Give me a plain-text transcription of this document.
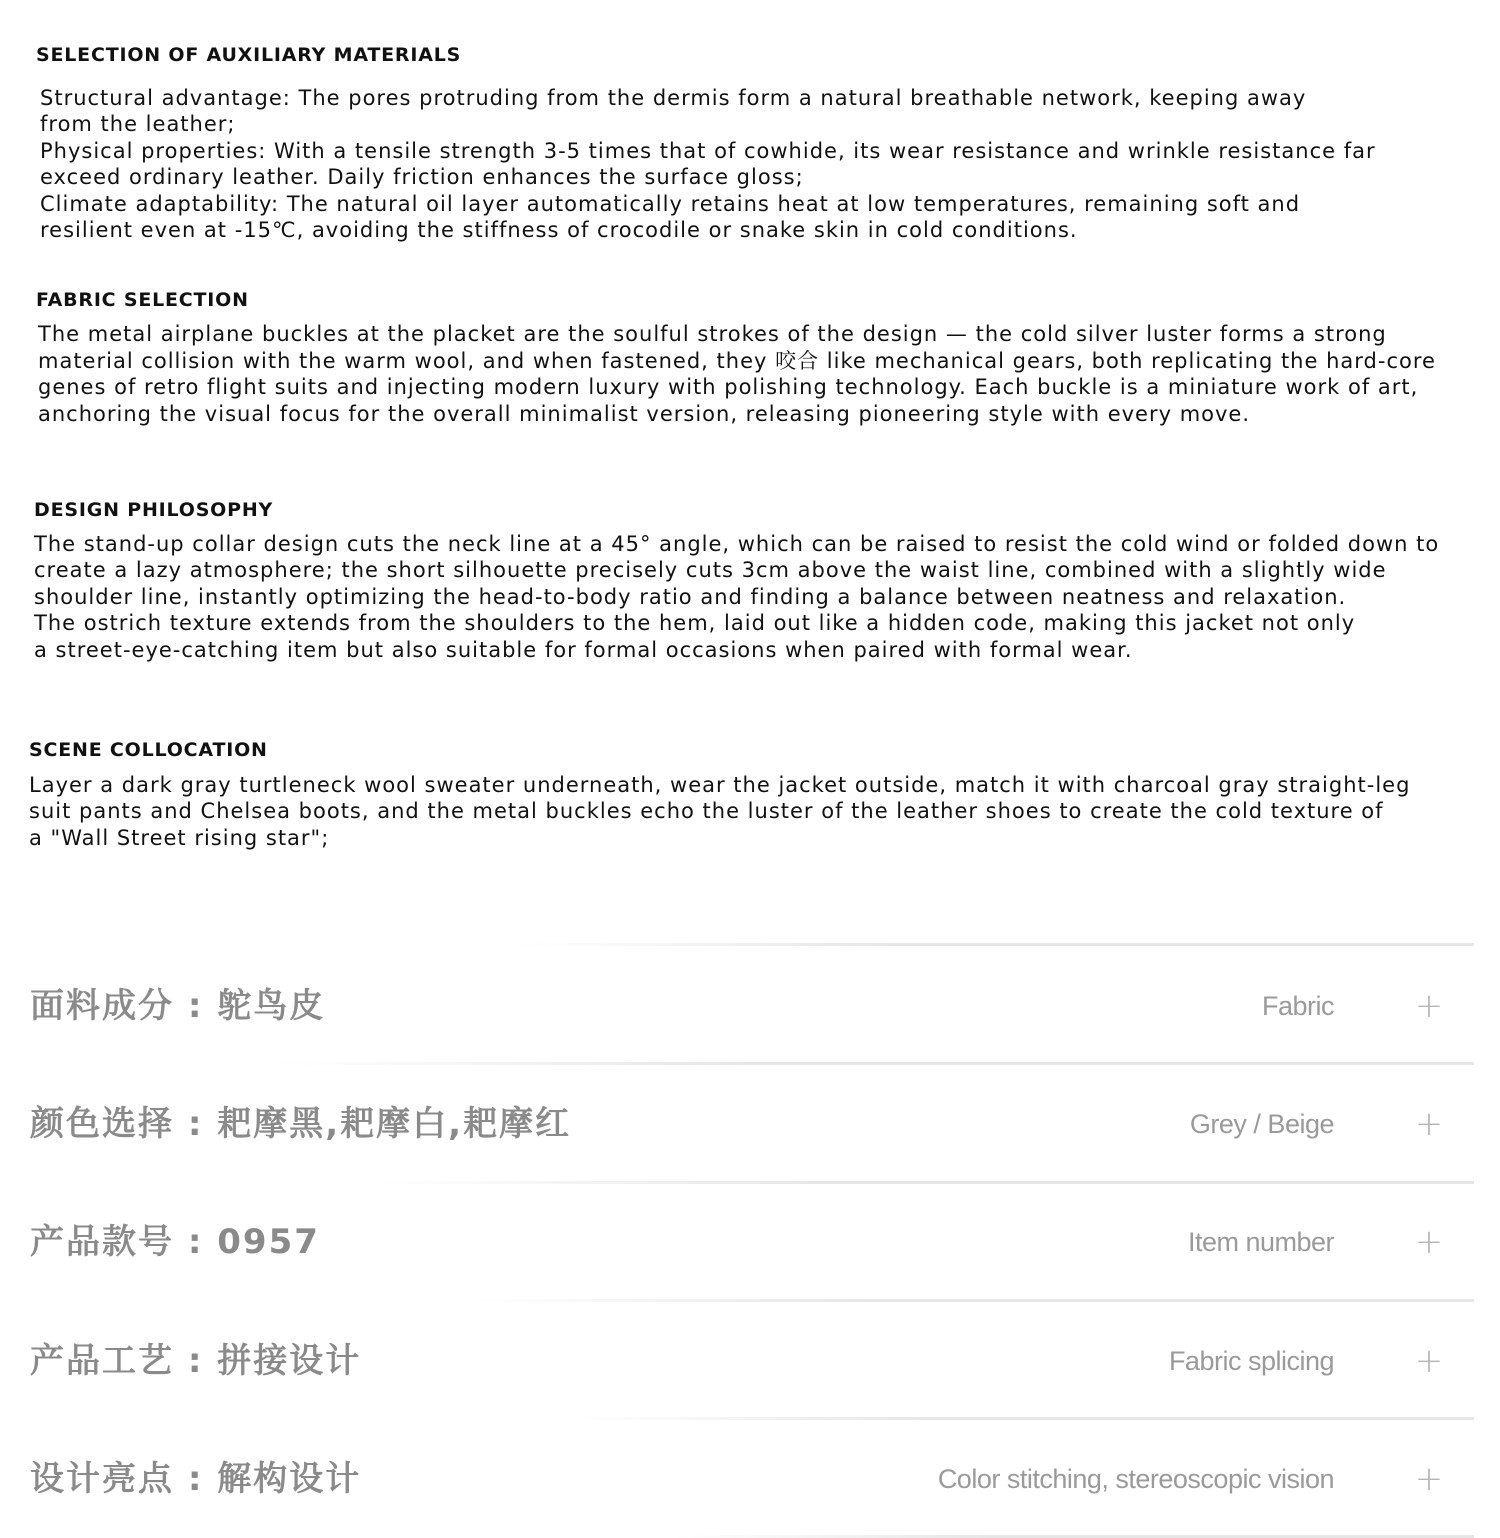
SELECTION OF AUXILIARY MATERIALS

Structural advantage: The pores protruding from the dermis form a natural breathable network, keeping away

from the leather;

Physical properties: With a tensile strength 3-5 times that of cowhide, its wear resistance and wrinkle resistance far

exceed ordinary leather. Daily friction enhances the surface gloss;

Climate adaptability: The natural oil layer automatically retains heat at low temperatures, remaining soft and

resilient even at -15℃, avoiding the stiffness of crocodile or snake skin in cold conditions.

FABRIC SELECTION

The metal airplane buckles at the placket are the soulful strokes of the design — the cold silver luster forms a strong

material collision with the warm wool, and when fastened, they 咬合 like mechanical gears, both replicating the hard-core

genes of retro flight suits and injecting modern luxury with polishing technology. Each buckle is a miniature work of art,

anchoring the visual focus for the overall minimalist version, releasing pioneering style with every move.

DESIGN PHILOSOPHY

The stand-up collar design cuts the neck line at a 45° angle, which can be raised to resist the cold wind or folded down to

create a lazy atmosphere; the short silhouette precisely cuts 3cm above the waist line, combined with a slightly wide

shoulder line, instantly optimizing the head-to-body ratio and finding a balance between neatness and relaxation.

The ostrich texture extends from the shoulders to the hem, laid out like a hidden code, making this jacket not only

a street-eye-catching item but also suitable for formal occasions when paired with formal wear.

SCENE COLLOCATION

Layer a dark gray turtleneck wool sweater underneath, wear the jacket outside, match it with charcoal gray straight-leg

suit pants and Chelsea boots, and the metal buckles echo the luster of the leather shoes to create the cold texture of

a "Wall Street rising star";

面料成分 : 鸵鸟皮	Fabric +
颜色选择 : 耙摩黑,耙摩白,耙摩红	Grey / Beige +
产品款号 : 0957	Item number +
产品工艺 : 拼接设计	Fabric splicing +
设计亮点 : 解构设计	Color stitching, stereoscopic vision +
